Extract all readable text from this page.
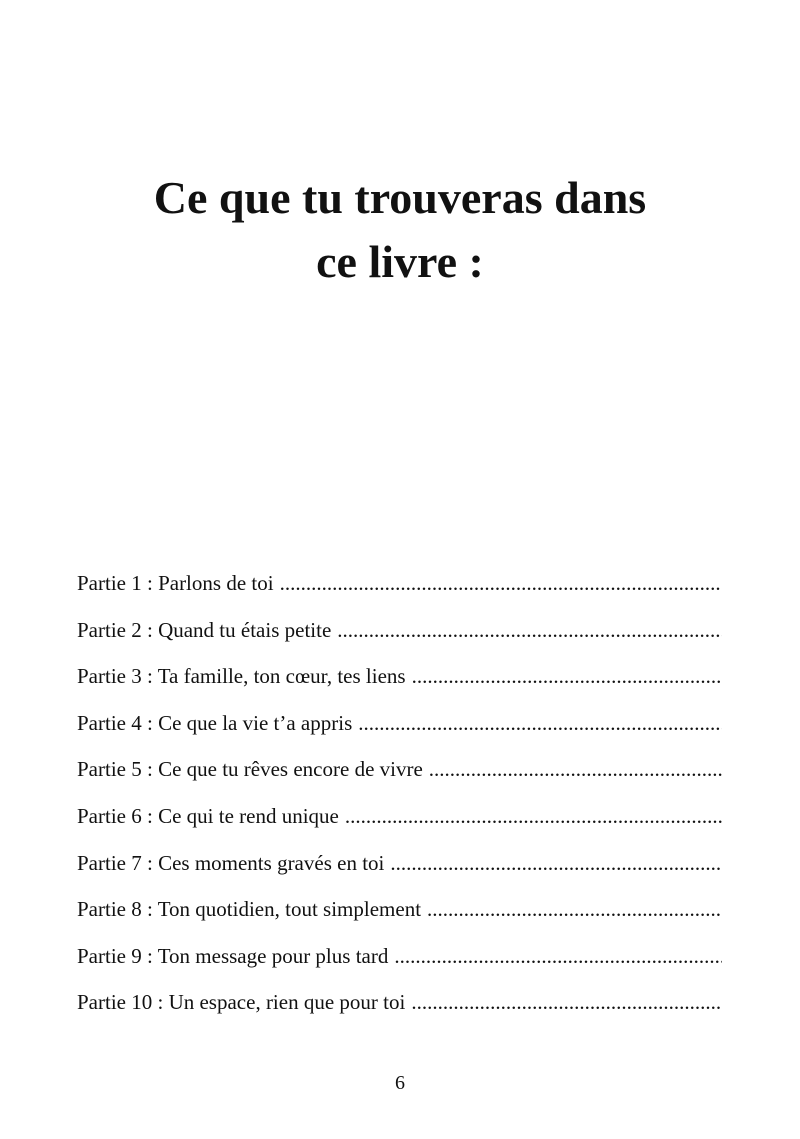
Ce que tu trouveras dans
ce livre :
Partie 1 : Parlons de toi
.....
Partie 2 : Quand tu étais petite
.....
Partie 3 : Ta famille, ton cœur, tes liens
.....
Partie 4 : Ce que la vie t’a appris
.....
Partie 5 : Ce que tu rêves encore de vivre
.....
Partie 6 : Ce qui te rend unique
.....
Partie 7 : Ces moments gravés en toi
.....
Partie 8 : Ton quotidien, tout simplement
.....
Partie 9 : Ton message pour plus tard
.....
Partie 10 : Un espace, rien que pour toi
.....
6
